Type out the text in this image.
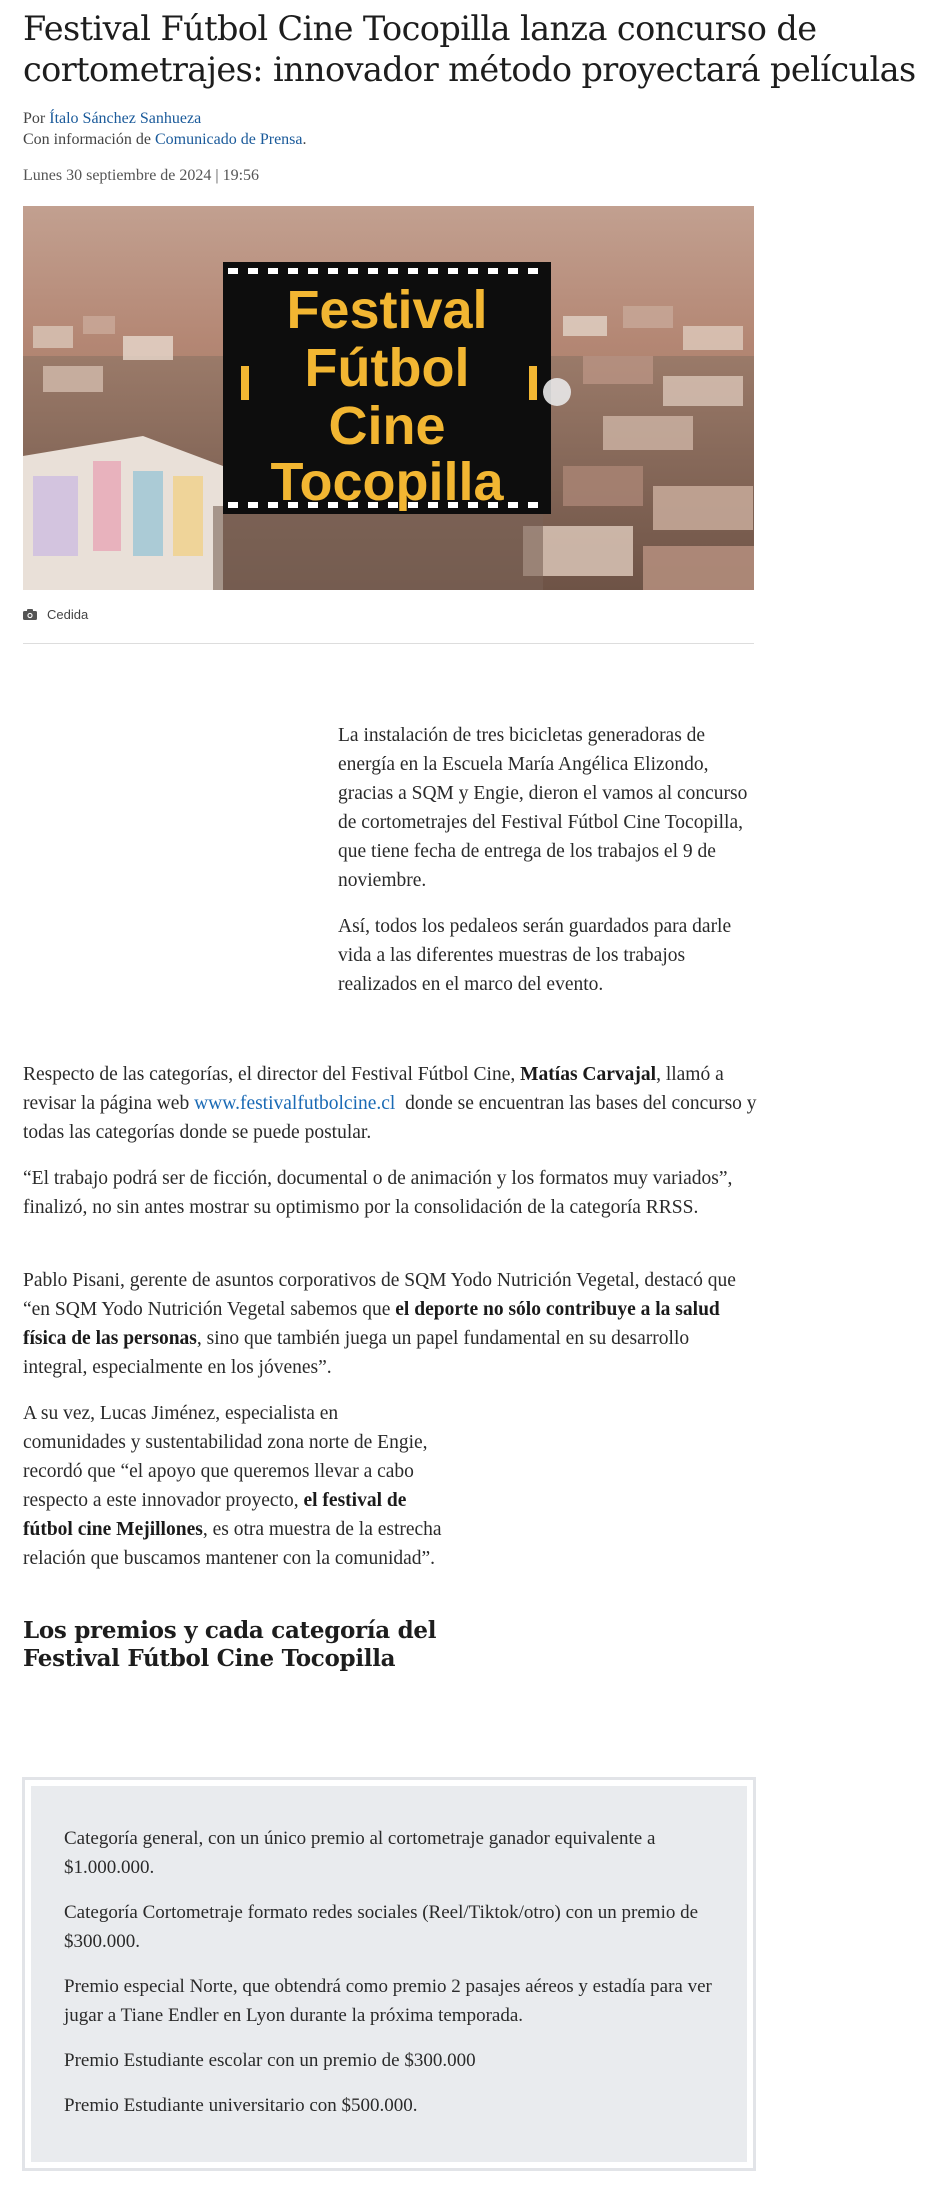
Festival Fútbol Cine Tocopilla lanza concurso de cortometrajes: innovador método proyectará películas
Por Ítalo Sánchez Sanhueza
Con información de Comunicado de Prensa.
Lunes 30 septiembre de 2024 | 19:56
Festival
Fútbol
Cine
Tocopilla
Cedida

La instalación de tres bicicletas generadoras de energía en la Escuela María Angélica Elizondo, gracias a SQM y Engie, dieron el vamos al concurso de cortometrajes del Festival Fútbol Cine Tocopilla, que tiene fecha de entrega de los trabajos el 9 de noviembre.

Así, todos los pedaleos serán guardados para darle vida a las diferentes muestras de los trabajos realizados en el marco del evento.

Respecto de las categorías, el director del Festival Fútbol Cine, Matías Carvajal, llamó a revisar la página web www.festivalfutbolcine.cl  donde se encuentran las bases del concurso y todas las categorías donde se puede postular.

“El trabajo podrá ser de ficción, documental o de animación y los formatos muy variados”, finalizó, no sin antes mostrar su optimismo por la consolidación de la categoría RRSS.

Pablo Pisani, gerente de asuntos corporativos de SQM Yodo Nutrición Vegetal, destacó que “en SQM Yodo Nutrición Vegetal sabemos que el deporte no sólo contribuye a la salud física de las personas, sino que también juega un papel fundamental en su desarrollo integral, especialmente en los jóvenes”.

A su vez, Lucas Jiménez, especialista en comunidades y sustentabilidad zona norte de Engie, recordó que “el apoyo que queremos llevar a cabo respecto a este innovador proyecto, el festival de fútbol cine Mejillones, es otra muestra de la estrecha relación que buscamos mantener con la comunidad”.

Los premios y cada categoría del Festival Fútbol Cine Tocopilla

Categoría general, con un único premio al cortometraje ganador equivalente a $1.000.000.

Categoría Cortometraje formato redes sociales (Reel/Tiktok/otro) con un premio de $300.000.

Premio especial Norte, que obtendrá como premio 2 pasajes aéreos y estadía para ver jugar a Tiane Endler en Lyon durante la próxima temporada.

Premio Estudiante escolar con un premio de $300.000

Premio Estudiante universitario con $500.000.
